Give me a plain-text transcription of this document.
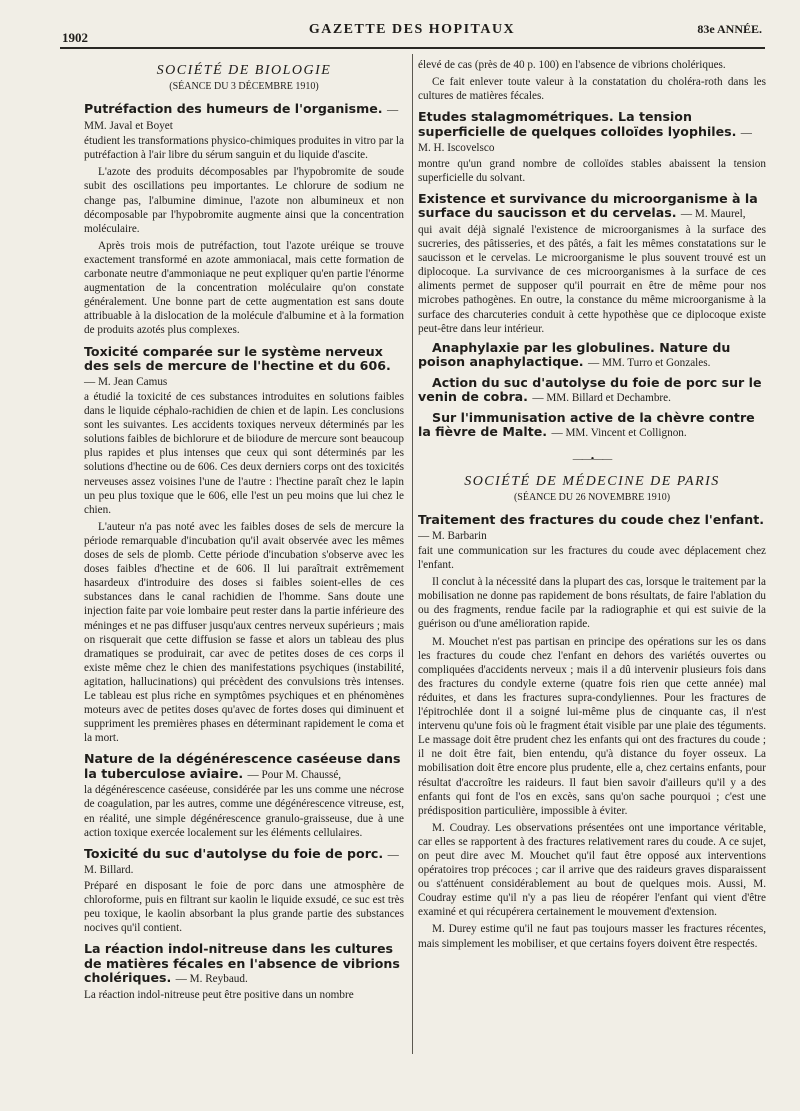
1902
GAZETTE DES HOPITAUX	83e ANNÉE.
SOCIÉTÉ DE BIOLOGIE
(SÉANCE DU 3 DÉCEMBRE 1910)
Putréfaction des humeurs de l'organisme. — MM. Javal et Boyet

étudient les transformations physico-chimiques produites in vitro par la putréfaction à l'air libre du sérum sanguin et du liquide d'ascite.

L'azote des produits décomposables par l'hypobromite de soude subit des oscillations peu importantes. Le chlorure de sodium ne change pas, l'albumine diminue, l'azote non albumineux et non décomposable par l'hypobromite augmente ainsi que la concentration moléculaire.

Après trois mois de putréfaction, tout l'azote uréique se trouve exactement transformé en azote ammoniacal, mais cette formation de carbonate neutre d'ammoniaque ne peut expliquer qu'en partie l'énorme augmentation de la concentration moléculaire qu'on constate généralement. Une bonne part de cette augmentation est sans doute attribuable à la dislocation de la molécule d'albumine et à la formation de produits azotés plus complexes.

Toxicité comparée sur le système nerveux des sels de mercure de l'hectine et du 606. — M. Jean Camus

a étudié la toxicité de ces substances introduites en solutions faibles dans le liquide céphalo-rachidien de chien et de lapin. Les conclusions sont les suivantes. Les accidents toxiques nerveux déterminés par les solutions faibles de bichlorure et de biiodure de mercure sont beaucoup plus rapides et plus intenses que ceux qui sont déterminés par les solutions d'hectine ou de 606. Ces deux derniers corps ont des toxicités nerveuses assez voisines l'une de l'autre : l'hectine paraît chez le lapin un peu plus toxique que le 606, elle l'est un peu moins que lui chez le chien.

L'auteur n'a pas noté avec les faibles doses de sels de mercure la période remarquable d'incubation qu'il avait observée avec les mêmes doses de sels de plomb. Cette période d'incubation s'observe avec les doses faibles d'hectine et de 606. Il lui paraîtrait extrêmement hasardeux d'introduire des doses si faibles soient-elles de ces substances dans le canal rachidien de l'homme. Sans doute une injection faite par voie lombaire peut rester dans la partie inférieure des méninges et ne pas diffuser jusqu'aux centres nerveux supérieurs ; mais on risquerait que cette diffusion se fasse et alors un tableau des plus dramatiques se produirait, car avec de petites doses de ces corps il existe même chez le chien des manifestations psychiques (instabilité, agitation, hallucinations) qui précèdent des convulsions très intenses. Le tableau est plus riche en symptômes psychiques et en phénomènes moteurs avec de petites doses qu'avec de fortes doses qui diminuent et suppriment les premières phases en déterminant rapidement le coma et la mort.

Nature de la dégénérescence caséeuse dans la tuberculose aviaire. — Pour M. Chaussé,

la dégénérescence caséeuse, considérée par les uns comme une nécrose de coagulation, par les autres, comme une dégénérescence vitreuse, est, en réalité, une simple dégénérescence granulo-graisseuse, due à une action toxique exercée localement sur les éléments cellulaires.

Toxicité du suc d'autolyse du foie de porc. — M. Billard.

Préparé en disposant le foie de porc dans une atmosphère de chloroforme, puis en filtrant sur kaolin le liquide exsudé, ce suc est très peu toxique, le kaolin absorbant la plus grande partie des substances nocives qu'il contient.

La réaction indol-nitreuse dans les cultures de matières fécales en l'absence de vibrions cholériques. — M. Reybaud.

La réaction indol-nitreuse peut être positive dans un nombre

élevé de cas (près de 40 p. 100) en l'absence de vibrions cholériques.

Ce fait enlever toute valeur à la constatation du choléra-roth dans les cultures de matières fécales.

Etudes stalagmométriques. La tension superficielle de quelques colloïdes lyophiles. — M. H. Iscovelsco

montre qu'un grand nombre de colloïdes stables abaissent la tension superficielle du solvant.

Existence et survivance du microorganisme à la surface du saucisson et du cervelas. — M. Maurel,

qui avait déjà signalé l'existence de microorganismes à la surface des sucreries, des pâtisseries, et des pâtés, a fait les mêmes constatations sur le saucisson et le cervelas. Le microorganisme le plus souvent trouvé est un diplocoque. La survivance de ces microorganismes à la surface de ces aliments permet de supposer qu'il pourrait en être de même pour nos microbes pathogènes. En outre, la constance du même microorganisme à la surface des charcuteries conduit à cette hypothèse que ce diplocoque existe peut-être dans leur intérieur.

Anaphylaxie par les globulines. Nature du poison anaphylactique. — MM. Turro et Gonzales.
Action du suc d'autolyse du foie de porc sur le venin de cobra. — MM. Billard et Dechambre.
Sur l'immunisation active de la chèvre contre la fièvre de Malte. — MM. Vincent et Collignon.
——•——
SOCIÉTÉ DE MÉDECINE DE PARIS
(SÉANCE DU 26 NOVEMBRE 1910)
Traitement des fractures du coude chez l'enfant. — M. Barbarin

fait une communication sur les fractures du coude avec déplacement chez l'enfant.

Il conclut à la nécessité dans la plupart des cas, lorsque le traitement par la mobilisation ne donne pas rapidement de bons résultats, de faire l'ablation du ou des fragments, rendue facile par la radiographie et qui est suivie de la guérison ou d'une amélioration rapide.

M. Mouchet n'est pas partisan en principe des opérations sur les os dans les fractures du coude chez l'enfant en dehors des variétés ouvertes ou compliquées d'accidents nerveux ; mais il a dû intervenir plusieurs fois dans des fractures du condyle externe (quatre fois rien que cette année) mal réduites, et dans les fractures supra-condyliennes. Pour les fractures de l'épitrochlée dont il a soigné lui-même plus de cinquante cas, il n'est intervenu qu'une fois où le fragment était visible par une plaie des téguments. Le massage doit être prudent chez les enfants qui ont des fractures du coude ; il ne doit être fait, bien entendu, qu'à distance du foyer osseux. La mobilisation doit être encore plus prudente, elle a, chez certains enfants, pour résultat d'accroître les raideurs. Il faut bien savoir d'ailleurs qu'il y a des enfants qui font de l'os en excès, sans qu'on sache pourquoi ; c'est une prédisposition particulière, impossible à éviter.

M. Coudray. Les observations présentées ont une importance véritable, car elles se rapportent à des fractures relativement rares du coude. A ce sujet, on peut dire avec M. Mouchet qu'il faut être opposé aux interventions opératoires trop précoces ; car il arrive que des raideurs graves disparaissent ou s'atténuent considérablement au bout de quelques mois. Aussi, M. Coudray estime qu'il n'y a pas lieu de réopérer l'enfant qui vient d'être examiné et qui récupérera certainement le mouvement d'extension.

M. Durey estime qu'il ne faut pas toujours masser les fractures récentes, mais simplement les mobiliser, et que certains foyers doivent être respectés.
